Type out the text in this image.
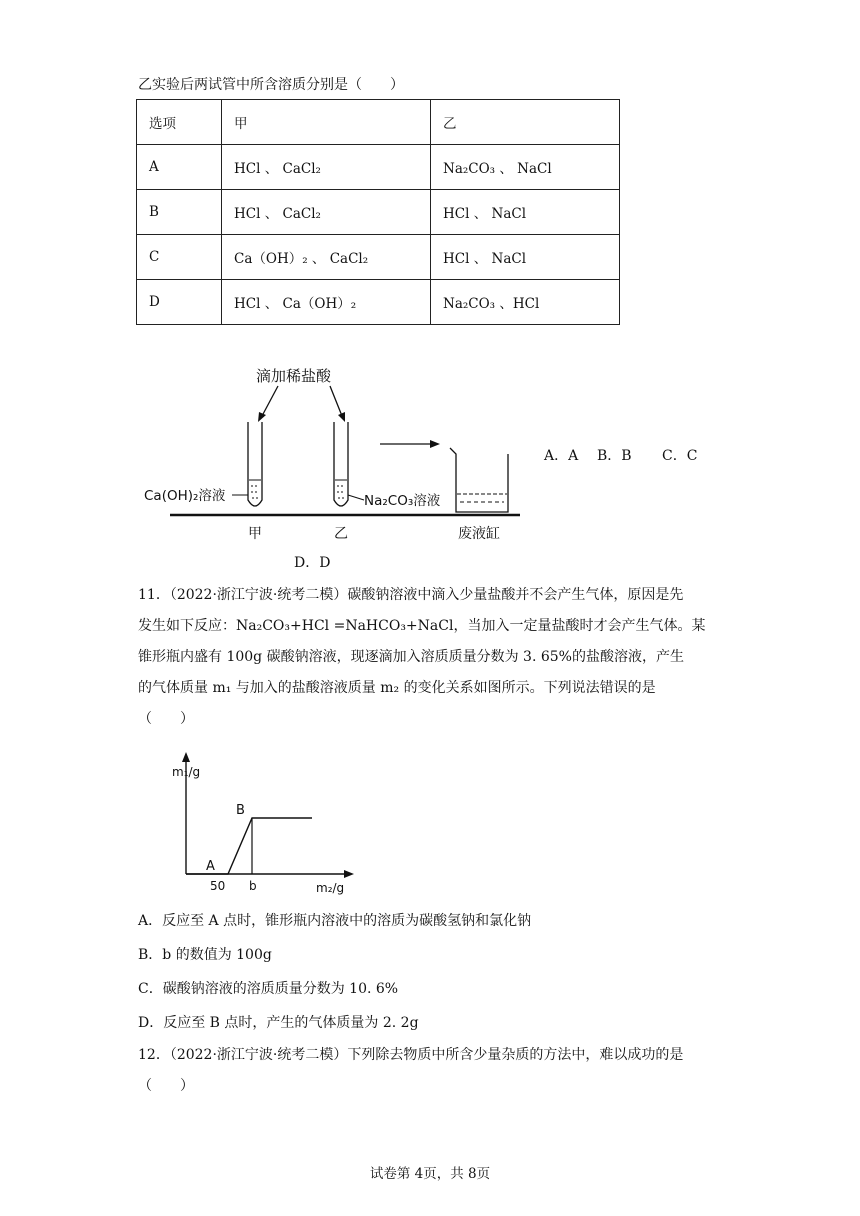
乙实验后两试管中所含溶质分别是（　　）
选项	甲	乙
A	HCl 、 CaCl₂	Na₂CO₃ 、 NaCl
B	HCl 、 CaCl₂	HCl 、 NaCl
C	Ca（OH）₂ 、 CaCl₂	HCl 、 NaCl
D	HCl 、 Ca（OH）₂	Na₂CO₃ 、HCl
滴加稀盐酸
Ca(OH)₂溶液	Na₂CO₃溶液
甲	乙	废液缸
A．A B．B C．C
D．D
11．（2022·浙江宁波·统考二模）碳酸钠溶液中滴入少量盐酸并不会产生气体，原因是先
发生如下反应：Na₂CO₃+HCl =NaHCO₃+NaCl，当加入一定量盐酸时才会产生气体。某
锥形瓶内盛有 100g 碳酸钠溶液，现逐滴加入溶质质量分数为 3. 65%的盐酸溶液，产生
的气体质量 m₁ 与加入的盐酸溶液质量 m₂ 的变化关系如图所示。下列说法错误的是
（　　）
m₁/g
m₂/g
A
B
50 b
A．反应至 A 点时，锥形瓶内溶液中的溶质为碳酸氢钠和氯化钠
B．b 的数值为 100g
C．碳酸钠溶液的溶质质量分数为 10. 6%
D．反应至 B 点时，产生的气体质量为 2. 2g
12．（2022·浙江宁波·统考二模）下列除去物质中所含少量杂质的方法中，难以成功的是
（　　）
试卷第 4页，共 8页
